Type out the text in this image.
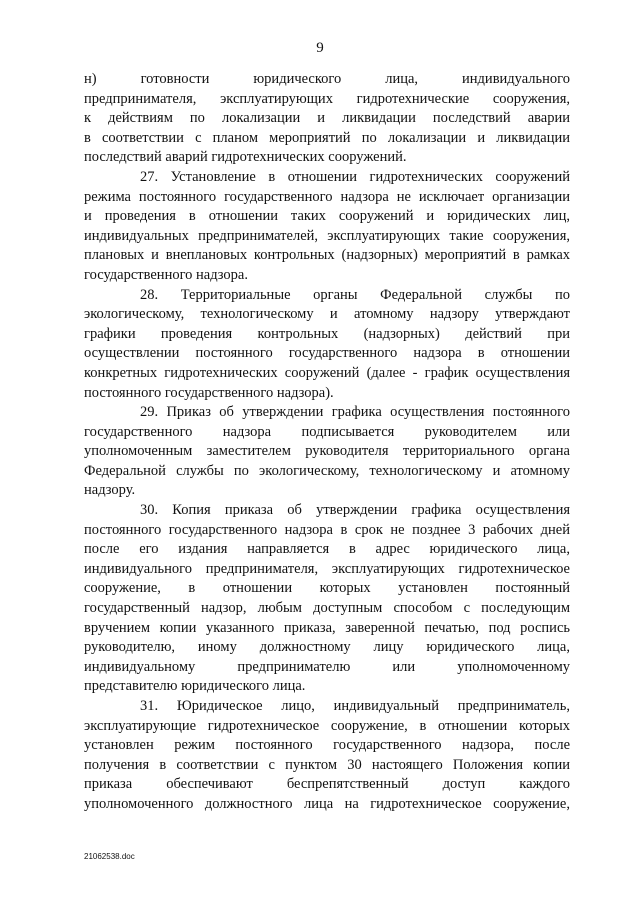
9

н) готовности юридического лица, индивидуального
предпринимателя, эксплуатирующих гидротехнические сооружения,
к действиям по локализации и ликвидации последствий аварии
в соответствии с планом мероприятий по локализации и ликвидации
последствий аварий гидротехнических сооружений.

27. Установление в отношении гидротехнических сооружений
режима постоянного государственного надзора не исключает организации
и проведения в отношении таких сооружений и юридических лиц,
индивидуальных предпринимателей, эксплуатирующих такие сооружения,
плановых и внеплановых контрольных (надзорных) мероприятий в рамках
государственного надзора.

28. Территориальные органы Федеральной службы по
экологическому, технологическому и атомному надзору утверждают
графики проведения контрольных (надзорных) действий при
осуществлении постоянного государственного надзора в отношении
конкретных гидротехнических сооружений (далее - график осуществления
постоянного государственного надзора).

29. Приказ об утверждении графика осуществления постоянного
государственного надзора подписывается руководителем или
уполномоченным заместителем руководителя территориального органа
Федеральной службы по экологическому, технологическому и атомному
надзору.

30. Копия приказа об утверждении графика осуществления
постоянного государственного надзора в срок не позднее 3 рабочих дней
после его издания направляется в адрес юридического лица,
индивидуального предпринимателя, эксплуатирующих гидротехническое
сооружение, в отношении которых установлен постоянный
государственный надзор, любым доступным способом с последующим
вручением копии указанного приказа, заверенной печатью, под роспись
руководителю, иному должностному лицу юридического лица,
индивидуальному предпринимателю или уполномоченному
представителю юридического лица.

31. Юридическое лицо, индивидуальный предприниматель,
эксплуатирующие гидротехническое сооружение, в отношении которых
установлен режим постоянного государственного надзора, после
получения в соответствии с пунктом 30 настоящего Положения копии
приказа обеспечивают беспрепятственный доступ каждого
уполномоченного должностного лица на гидротехническое сооружение,

21062538.doc
